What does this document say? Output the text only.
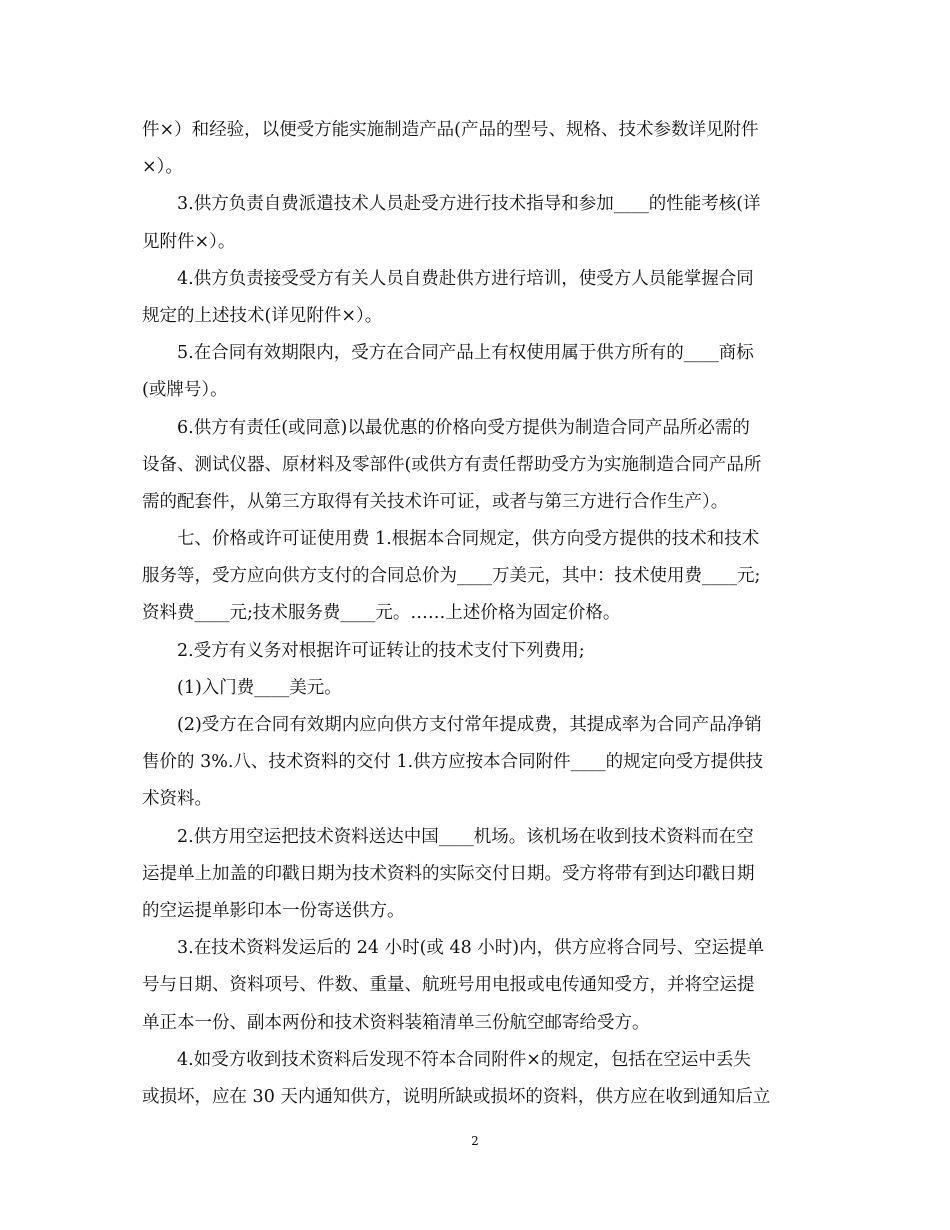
件×）和经验，以便受方能实施制造产品(产品的型号、规格、技术参数详见附件
×）。
3.供方负责自费派遣技术人员赴受方进行技术指导和参加____的性能考核(详
见附件×）。
4.供方负责接受受方有关人员自费赴供方进行培训，使受方人员能掌握合同
规定的上述技术(详见附件×）。
5.在合同有效期限内，受方在合同产品上有权使用属于供方所有的____商标
(或牌号）。
6.供方有责任(或同意)以最优惠的价格向受方提供为制造合同产品所必需的
设备、测试仪器、原材料及零部件(或供方有责任帮助受方为实施制造合同产品所
需的配套件，从第三方取得有关技术许可证，或者与第三方进行合作生产）。
七、价格或许可证使用费 1.根据本合同规定，供方向受方提供的技术和技术
服务等，受方应向供方支付的合同总价为____万美元，其中：技术使用费____元;
资料费____元;技术服务费____元。……上述价格为固定价格。
2.受方有义务对根据许可证转让的技术支付下列费用;
(1)入门费____美元。
(2)受方在合同有效期内应向供方支付常年提成费，其提成率为合同产品净销
售价的 3%.八、技术资料的交付 1.供方应按本合同附件____的规定向受方提供技
术资料。
2.供方用空运把技术资料送达中国____机场。该机场在收到技术资料而在空
运提单上加盖的印戳日期为技术资料的实际交付日期。受方将带有到达印戳日期
的空运提单影印本一份寄送供方。
3.在技术资料发运后的 24 小时(或 48 小时)内，供方应将合同号、空运提单
号与日期、资料项号、件数、重量、航班号用电报或电传通知受方，并将空运提
单正本一份、副本两份和技术资料装箱清单三份航空邮寄给受方。
4.如受方收到技术资料后发现不符本合同附件×的规定，包括在空运中丢失
或损坏，应在 30 天内通知供方，说明所缺或损坏的资料，供方应在收到通知后立
2
